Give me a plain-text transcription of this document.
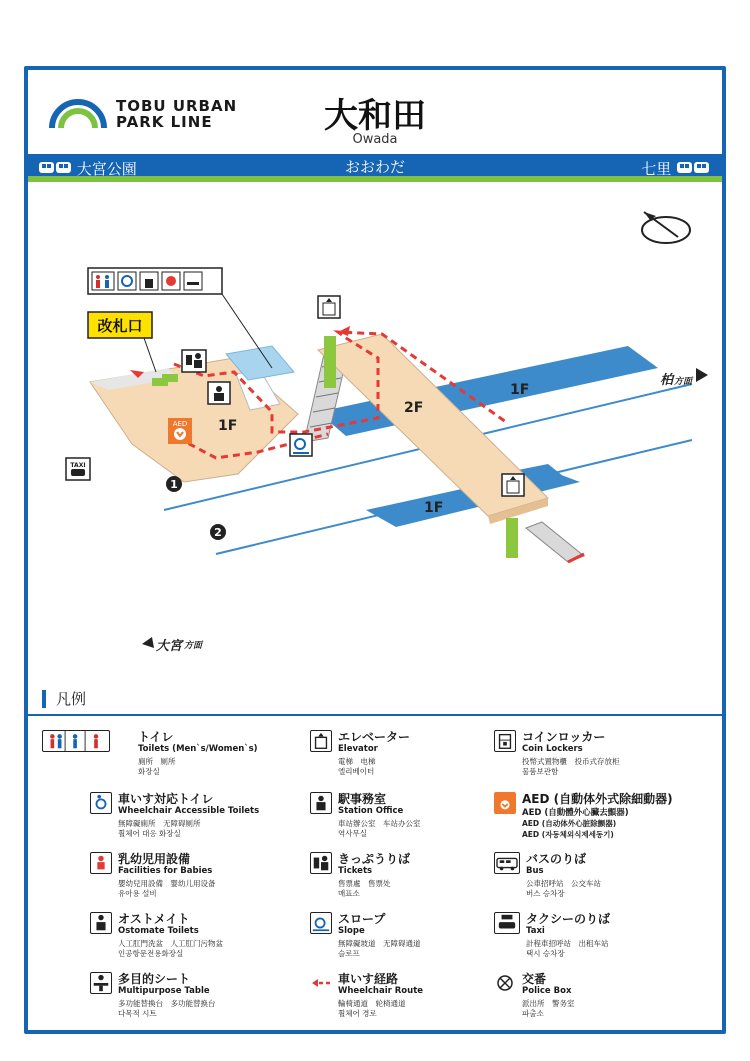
TOBU URBAN
PARK LINE	大和田
Owada
大宮公園	おおわだ	七里
改札口
AED
TAXI
1F
2F
1F
1F
柏 方面
大宮 方面
1
2
凡例
トイレ
Toilets (Men`s/Women`s)
廁所　厕所
화장실
車いす対応トイレ
Wheelchair Accessible Toilets
無障礙廁所　无障碍厕所
휠체어 대응 화장실
乳幼児用設備
Facilities for Babies
嬰幼兒用設備　婴幼儿用设备
유아용 설비
オストメイト
Ostomate Toilets
人工肛門洗盆　人工肛门污物盆
인공항문전용화장실
多目的シート
Multipurpose Table
多功能替換台　多功能替换台
다목적 시트
エレベーター
Elevator
電梯　电梯
엘리베이터
駅事務室
Station Office
車站辦公室　车站办公室
역사무실
きっぷうりば
Tickets
售票處　售票处
매표소
スロープ
Slope
無障礙坡道　无障碍通道
슬로프
車いす経路
Wheelchair Route
輪椅通道　轮椅通道
휠체어 경로
コインロッカー
Coin Lockers
投幣式置物櫃　投币式存放柜
물품보관함
AED (自動体外式除細動器)
AED (自動體外心臟去顫器)
AED (自动体外心脏除颤器)
AED (자동체외식제세동기)
バスのりば
Bus
公車招呼站　公交车站
버스 승차장
タクシーのりば
Taxi
計程車招呼站　出租车站
택시 승차장
交番
Police Box
派出所　警务室
파출소
